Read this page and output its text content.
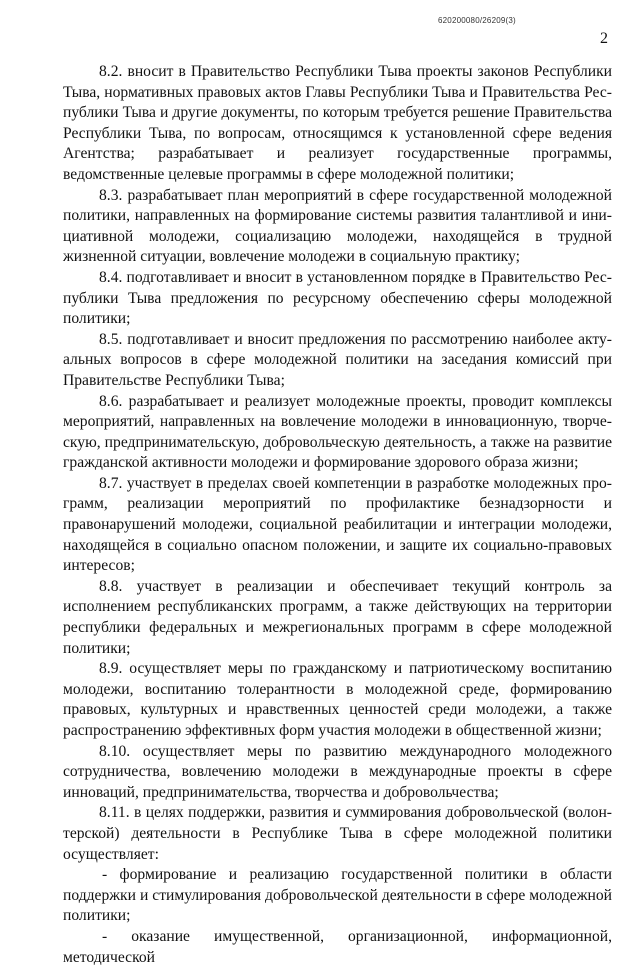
620200080/26209(3)
2

8.2. вносит в Правительство Республики Тыва проекты законов Республики Тыва, нормативных правовых актов Главы Республики Тыва и Правительства Республики Тыва и другие документы, по которым требуется решение Правительства Республики Тыва, по вопросам, относящимся к установленной сфере ведения Агентства; разрабатывает и реализует государственные программы, ведомственные целевые программы в сфере молодежной политики;

8.3. разрабатывает план мероприятий в сфере государственной молодежной политики, направленных на формирование системы развития талантливой и инициативной молодежи, социализацию молодежи, находящейся в трудной жизненной ситуации, вовлечение молодежи в социальную практику;

8.4. подготавливает и вносит в установленном порядке в Правительство Республики Тыва предложения по ресурсному обеспечению сферы молодежной политики;

8.5. подготавливает и вносит предложения по рассмотрению наиболее актуальных вопросов в сфере молодежной политики на заседания комиссий при Правительстве Республики Тыва;

8.6. разрабатывает и реализует молодежные проекты, проводит комплексы мероприятий, направленных на вовлечение молодежи в инновационную, творческую, предпринимательскую, добровольческую деятельность, а также на развитие гражданской активности молодежи и формирование здорового образа жизни;

8.7. участвует в пределах своей компетенции в разработке молодежных программ, реализации мероприятий по профилактике безнадзорности и правонарушений молодежи, социальной реабилитации и интеграции молодежи, находящейся в социально опасном положении, и защите их социально-правовых интересов;

8.8. участвует в реализации и обеспечивает текущий контроль за исполнением республиканских программ, а также действующих на территории республики федеральных и межрегиональных программ в сфере молодежной политики;

8.9. осуществляет меры по гражданскому и патриотическому воспитанию молодежи, воспитанию толерантности в молодежной среде, формированию правовых, культурных и нравственных ценностей среди молодежи, а также распространению эффективных форм участия молодежи в общественной жизни;

8.10. осуществляет меры по развитию международного молодежного сотрудничества, вовлечению молодежи в международные проекты в сфере инноваций, предпринимательства, творчества и добровольчества;

8.11. в целях поддержки, развития и суммирования добровольческой (волонтерской) деятельности в Республике Тыва в сфере молодежной политики осуществляет:

- формирование и реализацию государственной политики в области поддержки и стимулирования добровольческой деятельности в сфере молодежной политики;

- оказание имущественной, организационной, информационной, методической
